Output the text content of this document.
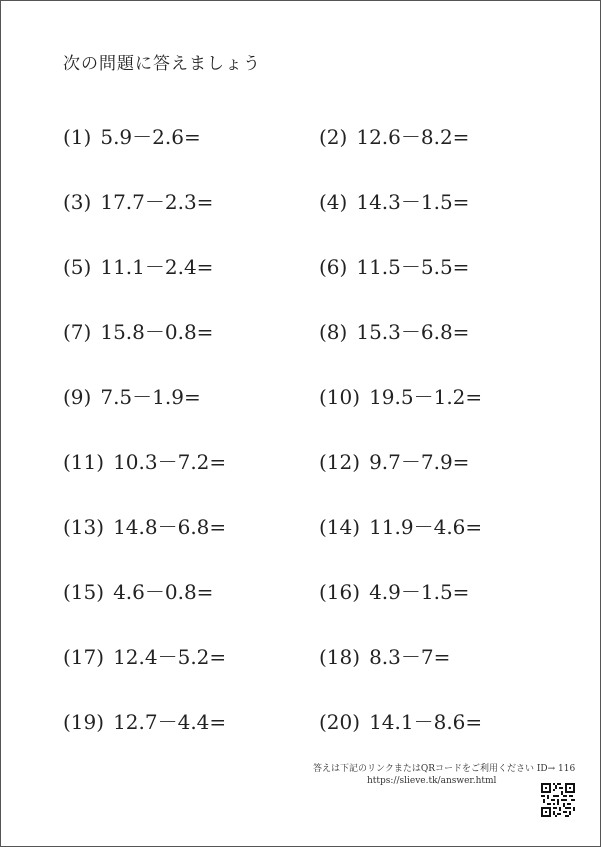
次の問題に答えましょう
(1) 5.9－2.6=	(2) 12.6－8.2=
(3) 17.7－2.3=	(4) 14.3－1.5=
(5) 11.1－2.4=	(6) 11.5－5.5=
(7) 15.8－0.8=	(8) 15.3－6.8=
(9) 7.5－1.9=	(10) 19.5－1.2=
(11) 10.3－7.2=	(12) 9.7－7.9=
(13) 14.8－6.8=	(14) 11.9－4.6=
(15) 4.6－0.8=	(16) 4.9－1.5=
(17) 12.4－5.2=	(18) 8.3－7=
(19) 12.7－4.4=	(20) 14.1－8.6=
答えは下記のリンクまたはQRコードをご利用ください ID→ 116
https://slieve.tk/answer.html
